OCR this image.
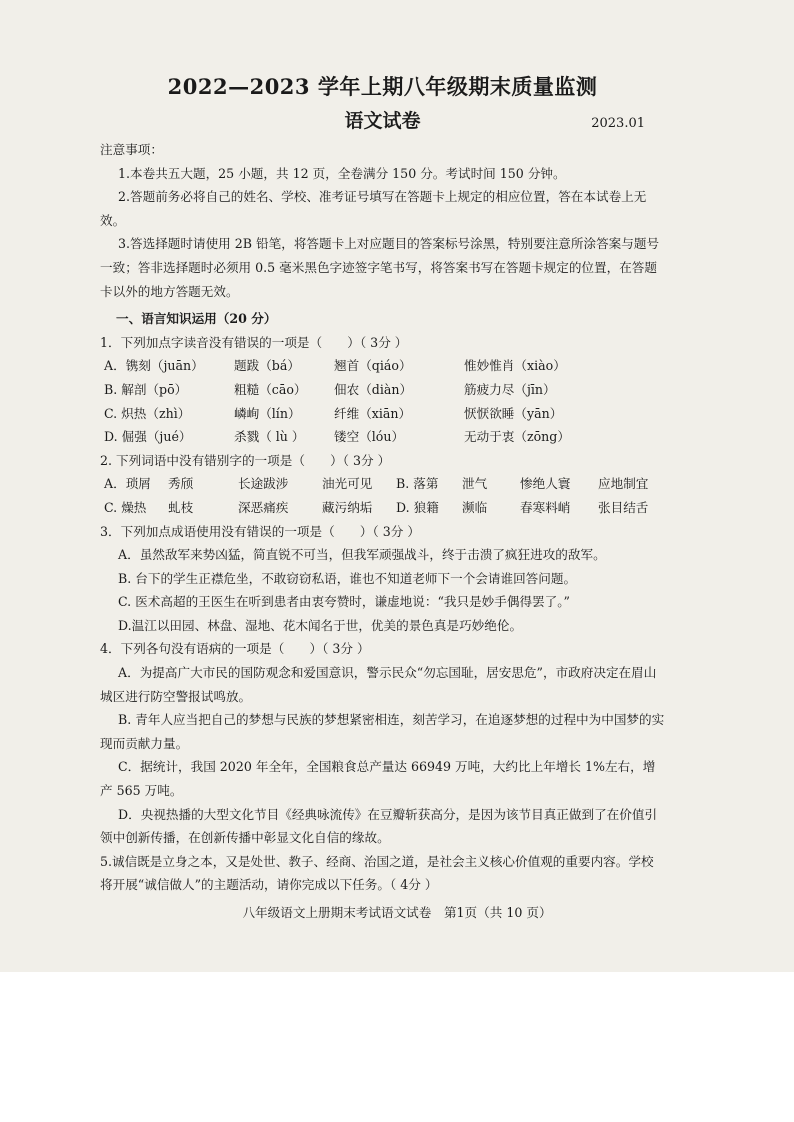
2022—2023 学年上期八年级期末质量监测
语文试卷	2023.01

注意事项：

1.本卷共五大题，25 小题，共 12 页，全卷满分 150 分。考试时间 150 分钟。

2.答题前务必将自己的姓名、学校、准考证号填写在答题卡上规定的相应位置，答在本试卷上无效。

3.答选择题时请使用 2B 铅笔，将答题卡上对应题目的答案标号涂黑，特别要注意所涂答案与题号一致；答非选择题时必须用 0.5 毫米黑色字迹签字笔书写，将答案书写在答题卡规定的位置，在答题卡以外的地方答题无效。

一、语言知识运用（20 分）

1．下列加点字读音没有错误的一项是（　　）（ 3分 ）

A．镌刻（juān）	题跋（bá）	翘首（qiáo）	惟妙惟肖（xiào）
B. 解剖（pō）	粗糙（cāo）	佃农（diàn）	筋疲力尽（jīn）
C. 炽热（zhì）	嶙峋（lín）	纤维（xiān）	恹恹欲睡（yān）
D. 倔强（jué）	杀戮（ lù ）	镂空（lóu）	无动于衷（zōng）

2. 下列词语中没有错别字的一项是（　　）（ 3分 ）

A．琐屑	秀颀	长途跋涉	油光可见	B. 落第	泄气	惨绝人寰	应地制宜
C. 燥热	虬枝	深恶痛疾	藏污纳垢	D. 狼籍	濒临	春寒料峭	张目结舌

3．下列加点成语使用没有错误的一项是（　　）（ 3分 ）

A．虽然敌军来势凶猛，简直锐不可当，但我军顽强战斗，终于击溃了疯狂进攻的敌军。

B. 台下的学生正襟危坐，不敢窃窃私语，谁也不知道老师下一个会请谁回答问题。

C. 医术高超的王医生在听到患者由衷夸赞时，谦虚地说：“我只是妙手偶得罢了。”

D.温江以田园、林盘、湿地、花木闻名于世，优美的景色真是巧妙绝伦。

4．下列各句没有语病的一项是（　　）（ 3分 ）

A．为提高广大市民的国防观念和爱国意识，警示民众“勿忘国耻，居安思危”，市政府决定在眉山城区进行防空警报试鸣放。

B. 青年人应当把自己的梦想与民族的梦想紧密相连，刻苦学习，在追逐梦想的过程中为中国梦的实现而贡献力量。

C．据统计，我国 2020 年全年，全国粮食总产量达 66949 万吨，大约比上年增长 1%左右，增产 565 万吨。

D．央视热播的大型文化节目《经典咏流传》在豆瓣斩获高分，是因为该节目真正做到了在价值引领中创新传播，在创新传播中彰显文化自信的缘故。

5.诚信既是立身之本，又是处世、教子、经商、治国之道，是社会主义核心价值观的重要内容。学校将开展“诚信做人”的主题活动，请你完成以下任务。（ 4分 ）

八年级语文上册期末考试语文试卷　第1页（共 10 页）
